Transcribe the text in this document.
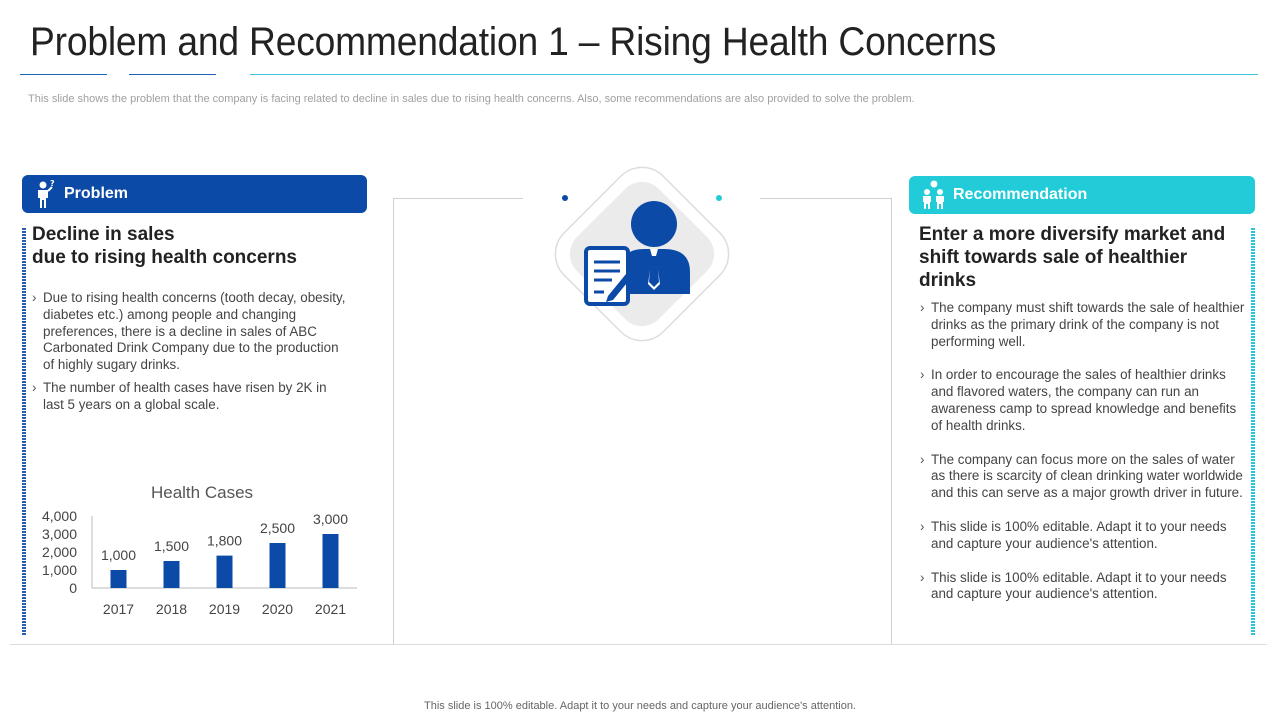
Problem and Recommendation 1 – Rising Health Concerns
This slide shows the problem that the company is facing related to decline in sales due to rising health concerns. Also, some recommendations are also provided to solve the problem.
?
Problem
Decline in sales
due to rising health concerns
› Due to rising health concerns (tooth decay, obesity, diabetes etc.) among people and changing preferences, there is a decline in sales of ABC Carbonated Drink Company due to the production of highly sugary drinks.
› The number of health cases have risen by 2K in last 5 years on a global scale.
Health Cases
0
1,000
2,000
3,000
4,000
1,000
2017
1,500
2018
1,800
2019
2,500
2020
3,000
2021
Recommendation
Enter a more diversify market and shift towards sale of healthier drinks
› The company must shift towards the sale of healthier drinks as the primary drink of the company is not performing well.
› In order to encourage the sales of healthier drinks and flavored waters, the company can run an awareness camp to spread knowledge and benefits of health drinks.
› The company can focus more on the sales of water as there is scarcity of clean drinking water worldwide and this can serve as a major growth driver in future.
› This slide is 100% editable. Adapt it to your needs and capture your audience's attention.
› This slide is 100% editable. Adapt it to your needs and capture your audience's attention.
This slide is 100% editable. Adapt it to your needs and capture your audience's attention.
